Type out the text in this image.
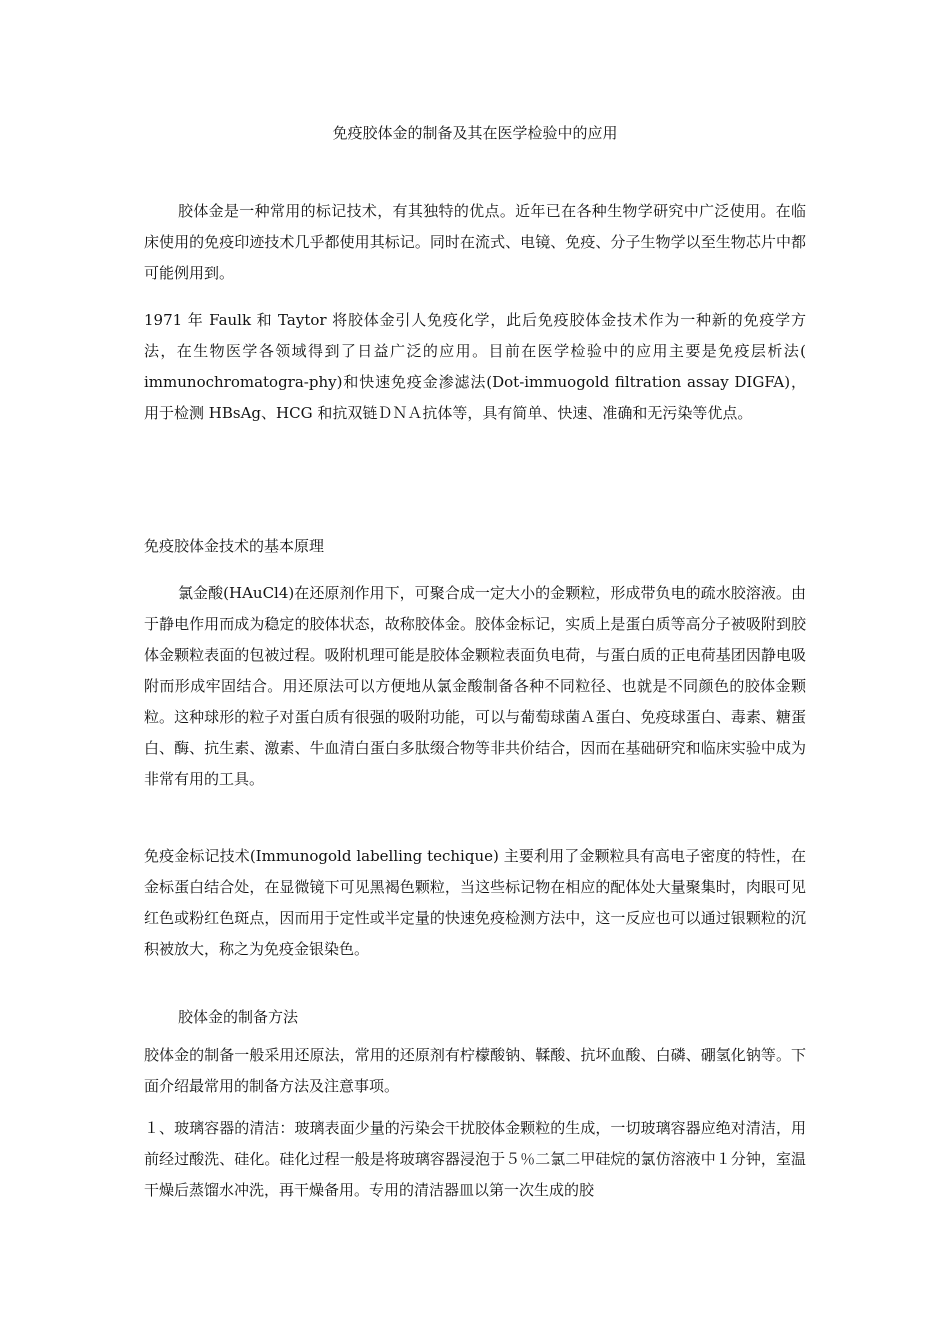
免疫胶体金的制备及其在医学检验中的应用
胶体金是一种常用的标记技术，有其独特的优点。近年已在各种生物学研究中广泛使用。在临床使用的免疫印迹技术几乎都使用其标记。同时在流式、电镜、免疫、分子生物学以至生物芯片中都可能例用到。
1971 年 Faulk 和 Taytor 将胶体金引人免疫化学，此后免疫胶体金技术作为一种新的免疫学方法，在生物医学各领域得到了日益广泛的应用。目前在医学检验中的应用主要是免疫层析法( immunochromatogra-phy)和快速免疫金渗滤法(Dot-immuogold filtration assay DIGFA)，用于检测 HBsAg、HCG 和抗双链ＤＮＡ抗体等，具有简单、快速、准确和无污染等优点。
免疫胶体金技术的基本原理
氯金酸(HAuCl4)在还原剂作用下，可聚合成一定大小的金颗粒，形成带负电的疏水胶溶液。由于静电作用而成为稳定的胶体状态，故称胶体金。胶体金标记，实质上是蛋白质等高分子被吸附到胶体金颗粒表面的包被过程。吸附机理可能是胶体金颗粒表面负电荷，与蛋白质的正电荷基团因静电吸附而形成牢固结合。用还原法可以方便地从氯金酸制备各种不同粒径、也就是不同颜色的胶体金颗粒。这种球形的粒子对蛋白质有很强的吸附功能，可以与葡萄球菌Ａ蛋白、免疫球蛋白、毒素、糖蛋白、酶、抗生素、激素、牛血清白蛋白多肽缀合物等非共价结合，因而在基础研究和临床实验中成为非常有用的工具。
免疫金标记技术(Immunogold labelling techique) 主要利用了金颗粒具有高电子密度的特性，在金标蛋白结合处，在显微镜下可见黑褐色颗粒，当这些标记物在相应的配体处大量聚集时，肉眼可见红色或粉红色斑点，因而用于定性或半定量的快速免疫检测方法中，这一反应也可以通过银颗粒的沉积被放大，称之为免疫金银染色。
胶体金的制备方法
胶体金的制备一般采用还原法，常用的还原剂有柠檬酸钠、鞣酸、抗坏血酸、白磷、硼氢化钠等。下面介绍最常用的制备方法及注意事项。
１、玻璃容器的清洁：玻璃表面少量的污染会干扰胶体金颗粒的生成，一切玻璃容器应绝对清洁，用前经过酸洗、硅化。硅化过程一般是将玻璃容器浸泡于５％二氯二甲硅烷的氯仿溶液中１分钟，室温干燥后蒸馏水冲洗，再干燥备用。专用的清洁器皿以第一次生成的胶
